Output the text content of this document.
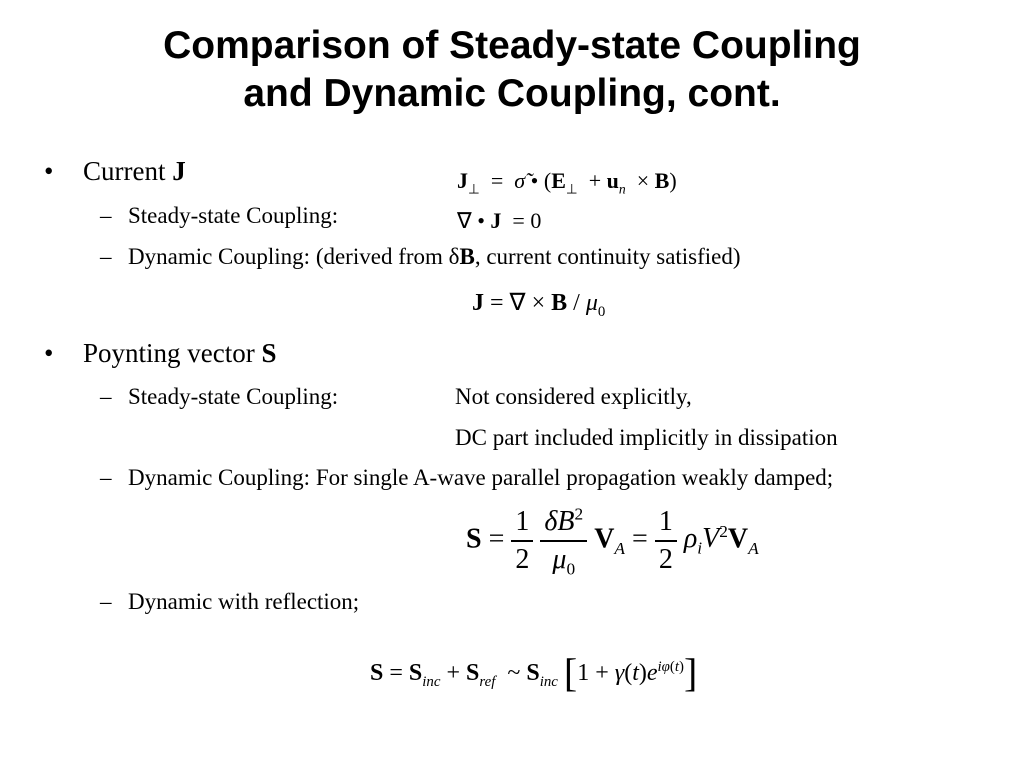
Comparison of Steady-state Coupling
and Dynamic Coupling, cont.
• Current J
– Steady-state Coupling:
– Dynamic Coupling: (derived from δB, current continuity satisfied)
$J_\perp$  =  σ̃ • $(E_\perp + u_n \times B)$
∇ • J  = 0
J = ∇ × B / $\mu_0$
• Poynting vector S
– Steady-state Coupling:	Not considered explicitly,
DC part included implicitly in dissipation
– Dynamic Coupling: For single A-wave parallel propagation weakly damped;
$S = \frac{1}{2}$
$\frac{\delta B^2}{\mu_0} V_A = \frac{1}{2} \rho_iV^2V_A$
– Dynamic with reflection;
$S = S_{inc} + S_{ref}$  ~ $S_{inc}$ $[1 + \gamma(t)e^{i\varphi(t)}]$
